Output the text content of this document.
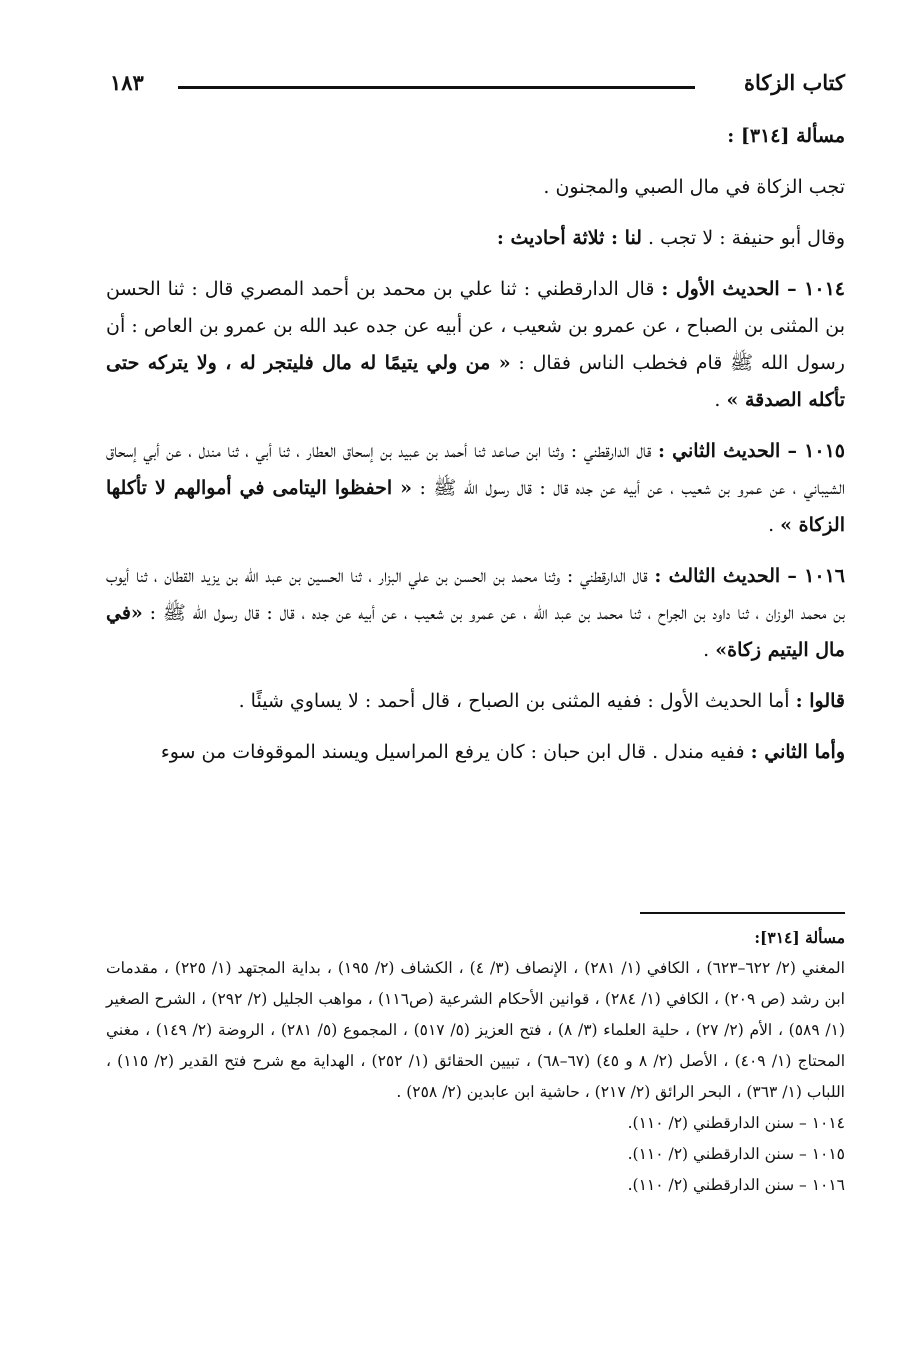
كتاب الزكاة
١٨٣

مسألة [٣١٤] :

تجب الزكاة في مال الصبي والمجنون .

وقال أبو حنيفة : لا تجب . لنا : ثلاثة أحاديث :

١٠١٤ – الحديث الأول : قال الدارقطني : ثنا علي بن محمد بن أحمد المصري قال : ثنا الحسن بن المثنى بن الصباح ، عن عمرو بن شعيب ، عن أبيه عن جده عبد الله بن عمرو بن العاص : أن رسول الله ﷺ قام فخطب الناس فقال : « من ولي يتيمًا له مال فليتجر له ، ولا يتركه حتى تأكله الصدقة » .

١٠١٥ – الحديث الثاني : قال الدارقطني : وثنا ابن صاعد ثنا أحمد بن عبيد بن إسحاق العطار ، ثنا أبي ، ثنا مندل ، عن أبي إسحاق الشيباني ، عن عمرو بن شعيب ، عن أبيه عن جده قال : قال رسول الله ﷺ : « احفظوا اليتامى في أموالهم لا تأكلها الزكاة » .

١٠١٦ – الحديث الثالث : قال الدارقطني : وثنا محمد بن الحسن بن علي البزار ، ثنا الحسين بن عبد الله بن يزيد القطان ، ثنا أيوب بن محمد الوزان ، ثنا داود بن الجراح ، ثنا محمد بن عبد الله ، عن عمرو بن شعيب ، عن أبيه عن جده ، قال : قال رسول الله ﷺ : «في مال اليتيم زكاة» .

قالوا : أما الحديث الأول : ففيه المثنى بن الصباح ، قال أحمد : لا يساوي شيئًا .

وأما الثاني : ففيه مندل . قال ابن حبان : كان يرفع المراسيل ويسند الموقوفات من سوء

مسألة [٣١٤]:

المغني (٢/ ٦٢٢–٦٢٣) ، الكافي (١/ ٢٨١) ، الإنصاف (٣/ ٤) ، الكشاف (٢/ ١٩٥) ، بداية المجتهد (١/ ٢٢٥) ، مقدمات ابن رشد (ص ٢٠٩) ، الكافي (١/ ٢٨٤) ، قوانين الأحكام الشرعية (ص١١٦) ، مواهب الجليل (٢/ ٢٩٢) ، الشرح الصغير (١/ ٥٨٩) ، الأم (٢/ ٢٧) ، حلية العلماء (٣/ ٨) ، فتح العزيز (٥/ ٥١٧) ، المجموع (٥/ ٢٨١) ، الروضة (٢/ ١٤٩) ، مغني المحتاج (١/ ٤٠٩) ، الأصل (٢/ ٨ و ٤٥) (٦٧–٦٨) ، تبيين الحقائق (١/ ٢٥٢) ، الهداية مع شرح فتح القدير (٢/ ١١٥) ، اللباب (١/ ٣٦٣) ، البحر الرائق (٢/ ٢١٧) ، حاشية ابن عابدين (٢/ ٢٥٨) .

١٠١٤ – سنن الدارقطني (٢/ ١١٠).

١٠١٥ – سنن الدارقطني (٢/ ١١٠).

١٠١٦ – سنن الدارقطني (٢/ ١١٠).
